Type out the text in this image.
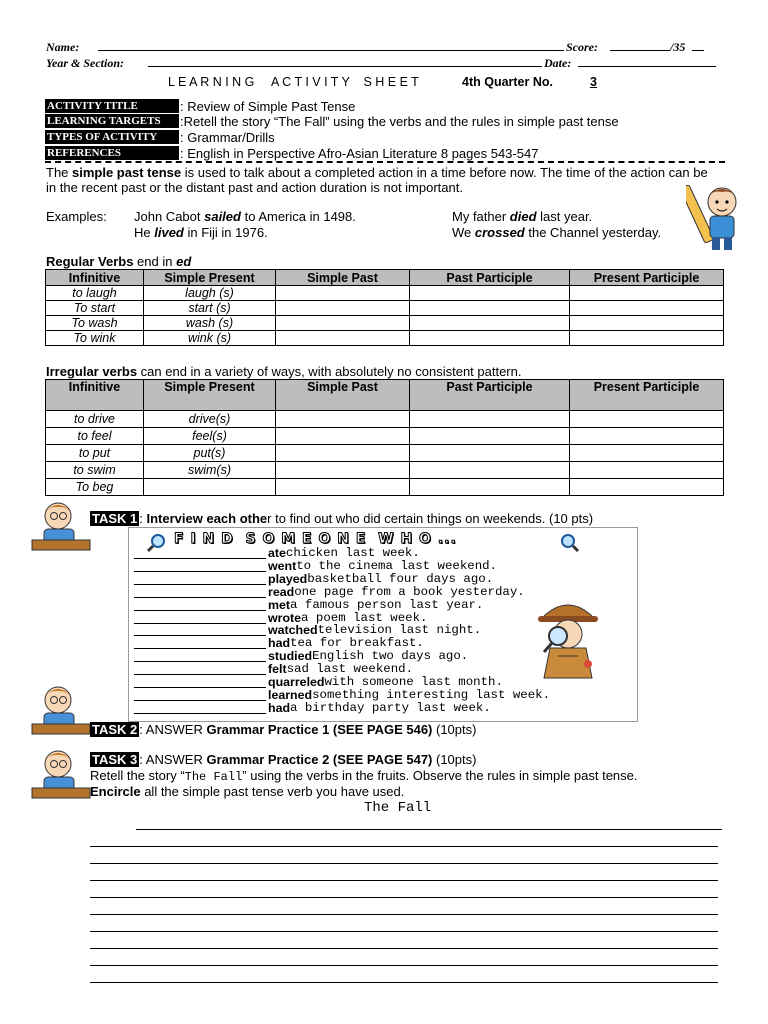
Name:	Score:	/35
Year & Section:	Date:
L E A R N I N G     A C T I V I T Y    S H E E T	4th Quarter No.	3
ACTIVITY TITLE	: Review of Simple Past Tense
LEARNING TARGETS	:Retell the story “The Fall” using the verbs and the rules in simple past tense
TYPES OF ACTIVITY	: Grammar/Drills
REFERENCES	: English in Perspective Afro-Asian Literature 8 pages 543-547
The simple past tense is used to talk about a completed action in a time before now. The time of the action can be in the recent past or the distant past and action duration is not important.
Examples: John Cabot sailed to America in 1498.
He lived in Fiji in 1976.
My father died last year.
We crossed the Channel yesterday.
Regular Verbs end in ed
Infinitive	Simple Present	Simple Past	Past Participle	Present Participle
to laugh	laugh (s)			
To start	start (s)			
To wash	wash (s)			
To wink	wink (s)			
Irregular verbs can end in a variety of ways, with absolutely no consistent pattern.
Infinitive	Simple Present	Simple Past	Past Participle	Present Participle
to drive	drive(s)			
to feel	feel(s)			
to put	put(s)			
to swim	swim(s)			
To beg				
TASK 1 : Interview each other to find out who did certain things on weekends. (10 pts)
F I N D  S O M E O N E  W H O ...
ate chicken last week.
went to the cinema last weekend.
played basketball four days ago.
read one page from a book yesterday.
met a famous person last year.
wrote a poem last week.
watched television last night.
had tea for breakfast.
studied English two days ago.
felt sad last weekend.
quarreled with someone last month.
learned something interesting last week.
had a birthday party last week.
TASK 2 : ANSWER Grammar Practice 1 (SEE PAGE 546) (10pts)
TASK 3 : ANSWER Grammar Practice 2 (SEE PAGE 547) (10pts)
Retell the story “The Fall” using the verbs in the fruits. Observe the rules in simple past tense.
Encircle all the simple past tense verb you have used.
The Fall
